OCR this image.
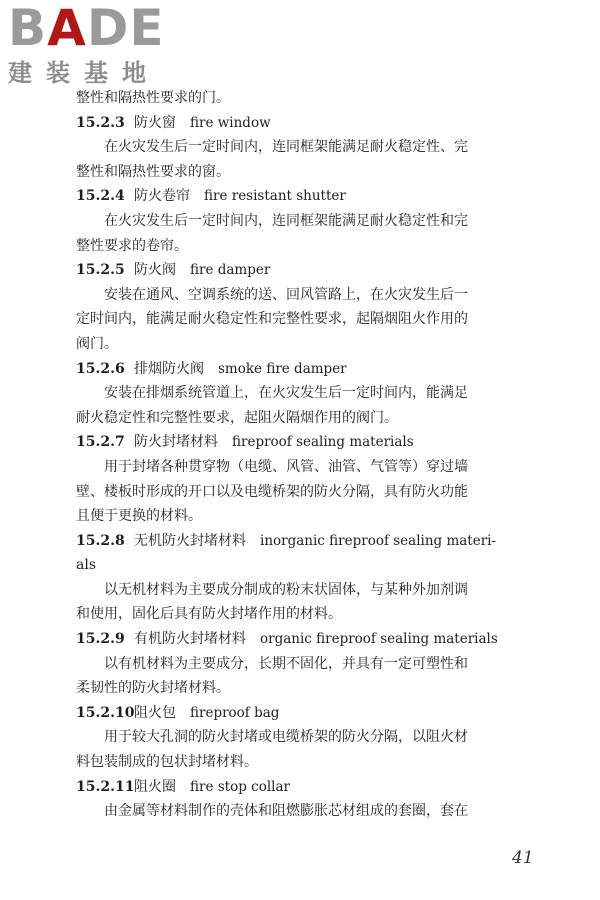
BADE
建装基地
整性和隔热性要求的门。
15.2.3 防火窗 fire window
在火灾发生后一定时间内，连同框架能满足耐火稳定性、完
整性和隔热性要求的窗。
15.2.4 防火卷帘 fire resistant shutter
在火灾发生后一定时间内，连同框架能满足耐火稳定性和完
整性要求的卷帘。
15.2.5 防火阀 fire damper
安装在通风、空调系统的送、回风管路上，在火灾发生后一
定时间内，能满足耐火稳定性和完整性要求，起隔烟阻火作用的
阀门。
15.2.6 排烟防火阀 smoke fire damper
安装在排烟系统管道上，在火灾发生后一定时间内，能满足
耐火稳定性和完整性要求，起阻火隔烟作用的阀门。
15.2.7 防火封堵材料 fireproof sealing materials
用于封堵各种贯穿物（电缆、风管、油管、气管等）穿过墙
壁、楼板时形成的开口以及电缆桥架的防火分隔，具有防火功能
且便于更换的材料。
15.2.8 无机防火封堵材料 inorganic fireproof sealing materi-
als
以无机材料为主要成分制成的粉末状固体，与某种外加剂调
和使用，固化后具有防火封堵作用的材料。
15.2.9 有机防火封堵材料 organic fireproof sealing materials
以有机材料为主要成分，长期不固化，并具有一定可塑性和
柔韧性的防火封堵材料。
15.2.10阻火包 fireproof bag
用于较大孔洞的防火封堵或电缆桥架的防火分隔，以阻火材
料包装制成的包状封堵材料。
15.2.11阻火圈 fire stop collar
由金属等材料制作的壳体和阻燃膨胀芯材组成的套圈，套在
41
